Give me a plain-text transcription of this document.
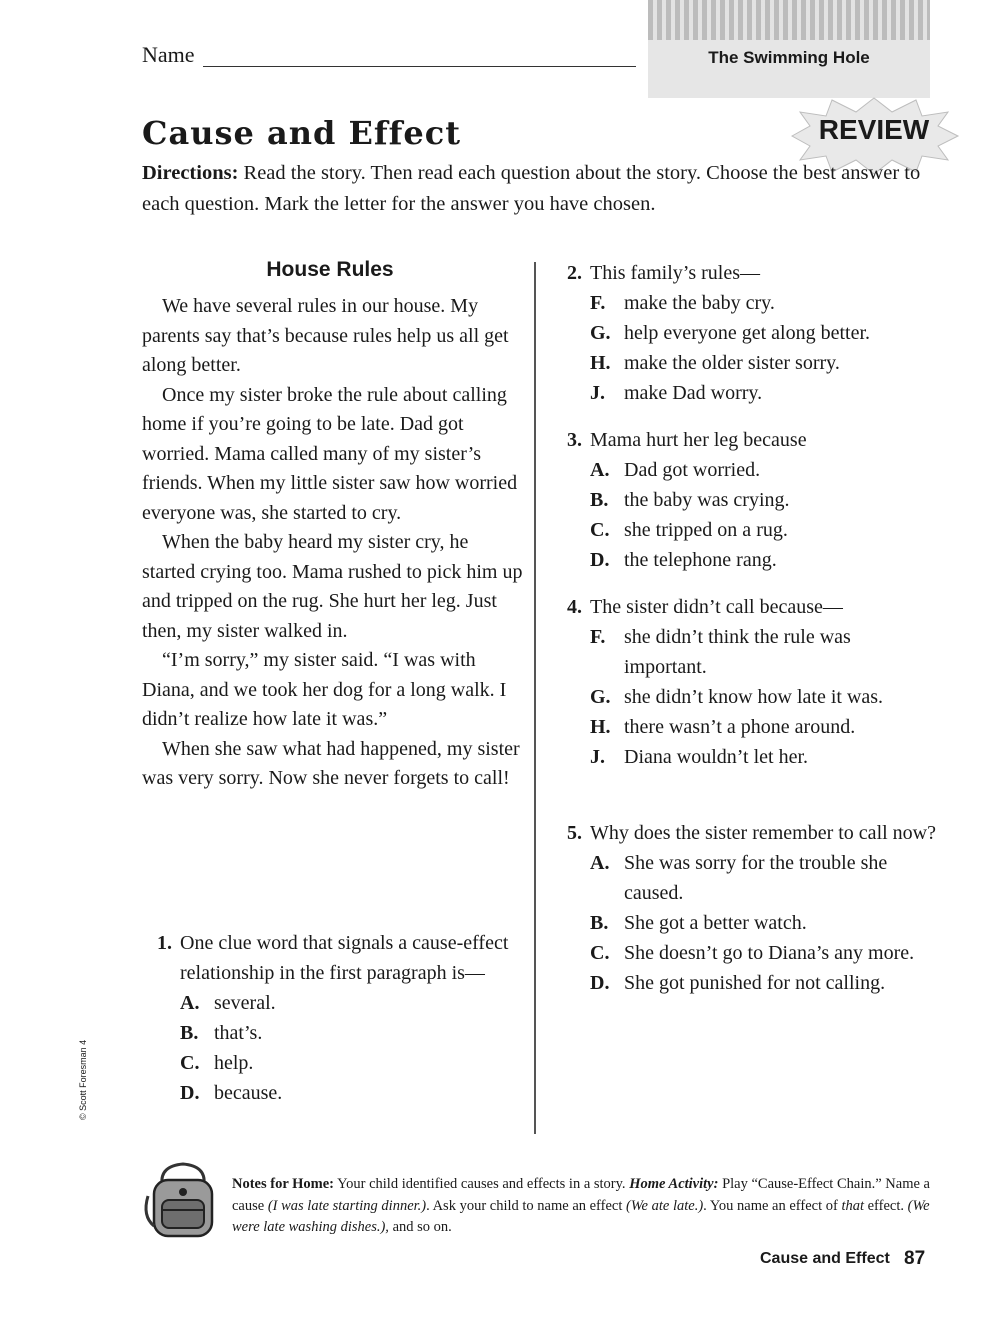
Name	The Swimming Hole
Cause and Effect	REVIEW
Directions: Read the story. Then read each question about the story. Choose the best answer to each question. Mark the letter for the answer you have chosen.
House Rules

We have several rules in our house. My parents say that’s because rules help us all get along better.

Once my sister broke the rule about calling home if you’re going to be late. Dad got worried. Mama called many of my sister’s friends. When my little sister saw how worried everyone was, she started to cry.

When the baby heard my sister cry, he started crying too. Mama rushed to pick him up and tripped on the rug. She hurt her leg. Just then, my sister walked in.

“I’m sorry,” my sister said. “I was with Diana, and we took her dog for a long walk. I didn’t realize how late it was.”

When she saw what had happened, my sister was very sorry. Now she never forgets to call!

1. One clue word that signals a cause-effect relationship in the first paragraph is—
A. several.
B. that’s.
C. help.
D. because.
2. This family’s rules—
F. make the baby cry.
G. help everyone get along better.
H. make the older sister sorry.
J. make Dad worry.
3. Mama hurt her leg because
A. Dad got worried.
B. the baby was crying.
C. she tripped on a rug.
D. the telephone rang.
4. The sister didn’t call because—
F. she didn’t think the rule was important.
G. she didn’t know how late it was.
H. there wasn’t a phone around.
J. Diana wouldn’t let her.
5. Why does the sister remember to call now?
A. She was sorry for the trouble she caused.
B. She got a better watch.
C. She doesn’t go to Diana’s any more.
D. She got punished for not calling.
© Scott Foresman 4
Notes for Home: Your child identified causes and effects in a story. Home Activity: Play “Cause-Effect Chain.” Name a cause (I was late starting dinner.). Ask your child to name an effect (We ate late.). You name an effect of that effect. (We were late washing dishes.), and so on.
Cause and Effect 87
